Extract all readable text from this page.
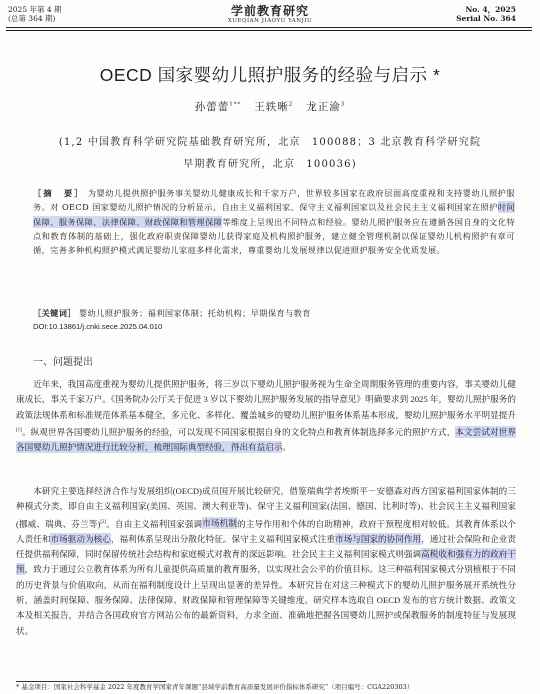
2025 年第 4 期
(总第 364 期)
学前教育研究
XUEQIAN JIAOYU YANJIU
No. 4，2025
Serial No. 364
OECD 国家婴幼儿照护服务的经验与启示 *
孙蕾蕾$^{1**}$ 王轶晰$^2$ 龙正渝$^3$
(1,2 中国教育科学研究院基础教育研究所，北京　100088；3 北京教育科学研究院
早期教育研究所，北京　100036)
［摘　要］ 为婴幼儿提供照护服务事关婴幼儿健康成长和千家万户，世界较多国家在政府层面高度重视和支持婴幼儿照护服务。对 OECD 国家婴幼儿照护情况的分析显示，自由主义福利国家、保守主义福利国家以及社会民主主义福利国家在照护时间保障、服务保障、法律保障、财政保障和管理保障等维度上呈现出不同特点和经验。婴幼儿照护服务应在遵循各国自身的文化特点和教育体制的基础上，强化政府职责保障婴幼儿获得家庭及机构照护服务，建立健全管理机制以保证婴幼儿机构照护有章可循，完善多种机构照护模式满足婴幼儿家庭多样化需求，尊重婴幼儿发展规律以促进照护服务安全优质发展。
［关键词］ 婴幼儿照护服务；福利国家体制；托幼机构；早期保育与教育
DOI:10.13861/j.cnki.sece.2025.04.010
一、问题提出

近年来，我国高度重视为婴幼儿提供照护服务，将三岁以下婴幼儿照护服务视为生命全周期服务管理的重要内容，事关婴幼儿健康成长，事关千家万户。《国务院办公厅关于促进 3 岁以下婴幼儿照护服务发展的指导意见》明确要求到 2025 年，婴幼儿照护服务的政策法规体系和标准规范体系基本健全，多元化、多样化、覆盖城乡的婴幼儿照护服务体系基本形成，婴幼儿照护服务水平明显提升[1]。纵观世界各国婴幼儿照护服务的经验，可以发现不同国家根据自身的文化特点和教育体制选择多元的照护方式，本文尝试对世界各国婴幼儿照护情况进行比较分析，梳理国际典型经验，得出有益启示。

本研究主要选择经济合作与发展组织(OECD)成员国开展比较研究，借鉴瑞典学者埃斯平－安德森对西方国家福利国家体制的三种模式分类，即自由主义福利国家(美国、英国、澳大利亚等)、保守主义福利国家(法国、德国、比利时等)、社会民主主义福利国家(挪威、瑞典、芬兰等)[2]。自由主义福利国家强调市场机制的主导作用和个体的自助精神，政府干预程度相对较低。其教育体系以个人责任和市场驱动为核心，福利体系呈现出分散化特征。保守主义福利国家模式注重市场与国家的协同作用，通过社会保险和企业责任提供福利保障，同时保留传统社会结构和家庭模式对教育的深远影响。社会民主主义福利国家模式则强调高税收和强有力的政府干预，致力于通过公立教育体系为所有儿童提供高质量的教育服务，以实现社会公平的价值目标。这三种福利国家模式分别植根于不同的历史背景与价值取向，从而在福利制度设计上呈现出显著的差异性。本研究旨在对这三种模式下的婴幼儿照护服务展开系统性分析，涵盖时间保障、服务保障、法律保障、财政保障和管理保障等关键维度。研究样本选取自 OECD 发布的官方统计数据、政策文本及相关报告，并结合各国政府官方网站公布的最新资料，力求全面、准确地把握各国婴幼儿照护或保教服务的制度特征与发展现状。

* 基金项目：国家社会科学基金 2022 年度教育学国家青年课题“县域学前教育高质量发展评价指标体系研究”（项目编号：CGA220303）
